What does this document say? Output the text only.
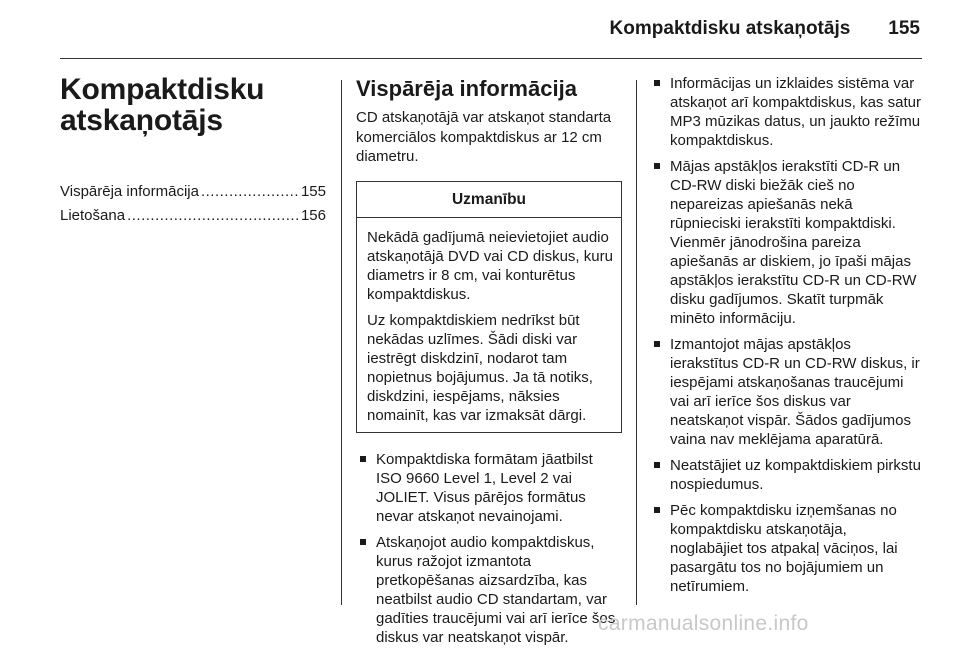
Kompaktdisku atskaņotājs 155
Kompaktdisku
atskaņotājs
Vispārēja informācija .....	155
Lietošana .....	156
Vispārēja informācija

CD atskaņotājā var atskaņot standarta komerciālos kompaktdiskus ar 12 cm diametru.

Uzmanību

Nekādā gadījumā neievietojiet audio atskaņotājā DVD vai CD diskus, kuru diametrs ir 8 cm, vai konturētus kompaktdiskus.

Uz kompaktdiskiem nedrīkst būt nekādas uzlīmes. Šādi diski var iestrēgt diskdzinī, nodarot tam nopietnus bojājumus. Ja tā notiks, diskdzini, iespējams, nāksies nomainīt, kas var izmaksāt dārgi.

Kompaktdiska formātam jāatbilst ISO 9660 Level 1, Level 2 vai JOLIET. Visus pārējos formātus nevar atskaņot nevainojami.
Atskaņojot audio kompaktdiskus, kurus ražojot izmantota pretkopēšanas aizsardzība, kas neatbilst audio CD standartam, var gadīties traucējumi vai arī ierīce šos diskus var neatskaņot vispār.
Informācijas un izklaides sistēma var atskaņot arī kompaktdiskus, kas satur MP3 mūzikas datus, un jaukto režīmu kompaktdiskus.
Mājas apstākļos ierakstīti CD-R un CD-RW diski biežāk cieš no nepareizas apiešanās nekā rūpnieciski ierakstīti kompaktdiski. Vienmēr jānodrošina pareiza apiešanās ar diskiem, jo īpaši mājas apstākļos ierakstītu CD-R un CD-RW disku gadījumos. Skatīt turpmāk minēto informāciju.
Izmantojot mājas apstākļos ierakstītus CD-R un CD-RW diskus, ir iespējami atskaņošanas traucējumi vai arī ierīce šos diskus var neatskaņot vispār. Šādos gadījumos vaina nav meklējama aparatūrā.
Neatstājiet uz kompaktdiskiem pirkstu nospiedumus.
Pēc kompaktdisku izņemšanas no kompaktdisku atskaņotāja, noglabājiet tos atpakaļ vāciņos, lai pasargātu tos no bojājumiem un netīrumiem.
carmanualsonline.info
